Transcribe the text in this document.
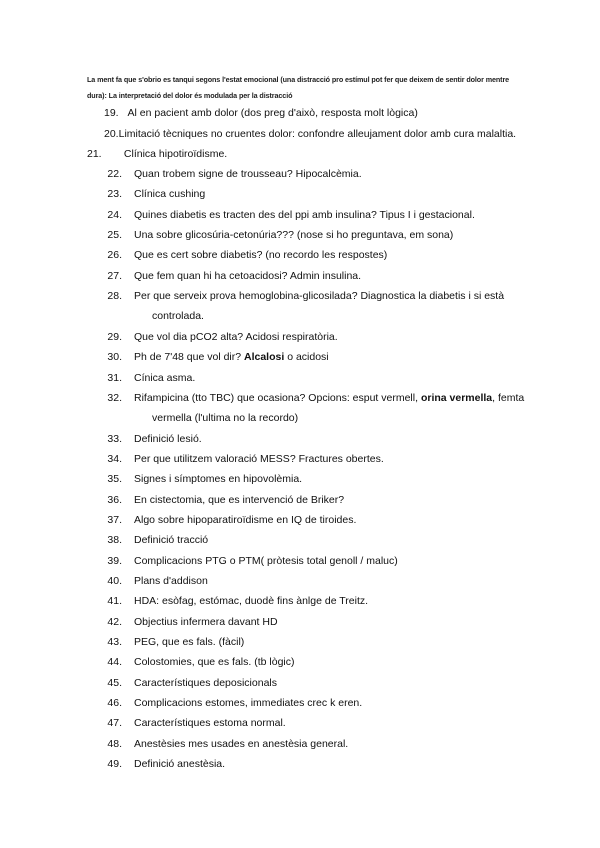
La ment fa que s'obrio es tanqui segons l'estat emocional (una distracció pro estímul pot fer que deixem de sentir dolor mentre dura): La interpretació del dolor és modulada per la distracció
19. Al en pacient amb dolor (dos preg d'això, resposta molt lògica)
20.Limitació tècniques no cruentes dolor: confondre alleujament dolor amb cura malaltia.
21. Clínica hipotiroïdisme.
22. Quan trobem signe de trousseau? Hipocalcèmia.
23. Clínica cushing
24. Quines diabetis es tracten des del ppi amb insulina? Tipus I i gestacional.
25. Una sobre glicosúria-cetonúria??? (nose si ho preguntava, em sona)
26. Que es cert sobre diabetis? (no recordo les respostes)
27. Que fem quan hi ha cetoacidosi? Admin insulina.
28. Per que serveix prova hemoglobina-glicosilada? Diagnostica la diabetis i si està
controlada.
29. Que vol dia pCO2 alta? Acidosi respiratòria.
30. Ph de 7'48 que vol dir? Alcalosi o acidosi
31. Cínica asma.
32. Rifampicina (tto TBC) que ocasiona? Opcions: esput vermell, orina vermella, femta
vermella (l'ultima no la recordo)
33. Definició lesió.
34. Per que utilitzem valoració MESS? Fractures obertes.
35. Signes i símptomes en hipovolèmia.
36. En cistectomia, que es intervenció de Briker?
37. Algo sobre hipoparatiroïdisme en IQ de tiroides.
38. Definició tracció
39. Complicacions PTG o PTM( pròtesis total genoll / maluc)
40. Plans d'addison
41. HDA: esòfag, estómac, duodè fins ànlge de Treitz.
42. Objectius infermera davant HD
43. PEG, que es fals. (fàcil)
44. Colostomies, que es fals. (tb lògic)
45. Característiques deposicionals
46. Complicacions estomes, immediates crec k eren.
47. Característiques estoma normal.
48. Anestèsies mes usades en anestèsia general.
49. Definició anestèsia.
